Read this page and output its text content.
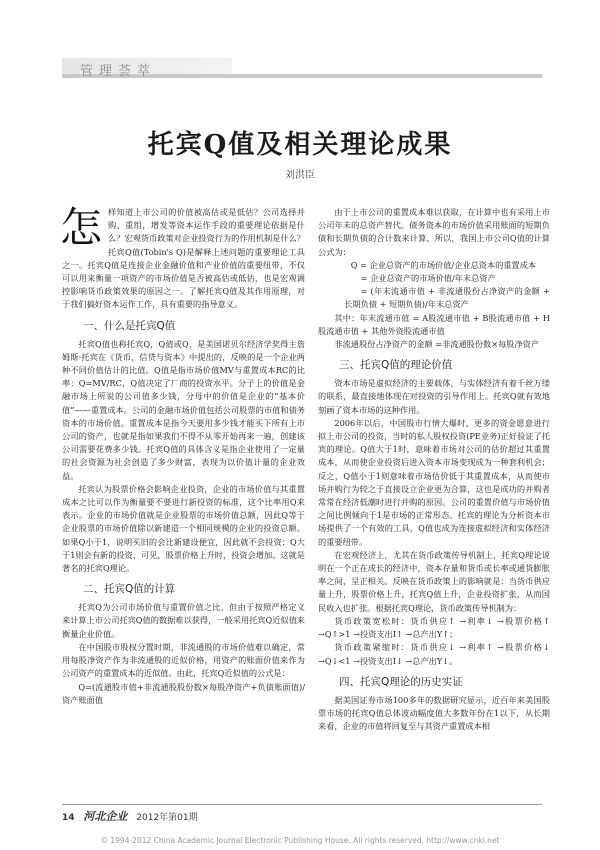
管理荟萃
托宾Q值及相关理论成果
刘洪臣
怎 样知道上市公司的价值被高估或是低估？公司选择并购、重组，增发等资本运作手段的重要理论依据是什么？宏观货币政策对企业投资行为的作用机制是什么？托宾Q值(Tobin's Q)是解释上述问题的重要理论工具之一。托宾Q值是连接企业金融价值和产业价值的重要纽带，不仅可以用来衡量一项资产的市场价值是否被高估或低估，也是宏观调控影响货币政策效果的原因之一。了解托宾Q值及其作用原理，对于我们搞好资本运作工作，具有重要的指导意义。

一、什么是托宾Q值

托宾Q值也称托宾Q，Q值或Q，是美国诺贝尔经济学奖得主詹姆斯·托宾在《货币，信贷与资本》中提出的，反映的是一个企业两种不同价值估计的比值。Q值是指市场价值MV与重置成本RC的比率：Q=MV/RC，Q值决定了厂商的投资水平。分子上的价值是金融市场上所说的公司值多少钱，分母中的价值是企业的“基本价值”——重置成本。公司的金融市场价值包括公司股票的市值和债务资本的市场价值。重置成本是指今天要用多少钱才能买下所有上市公司的资产，也就是指如果我们不得不从零开始再来一遍，创建该公司需要花费多少钱。托宾Q值的具体含义是指企业使用了一定量的社会资源为社会创造了多少财富，表现为以价值计量的企业效益。

托宾认为股票价格会影响企业投资，企业的市场价值与其重置成本之比可以作为衡量要不要进行新投资的标准，这个比率用Q来表示。企业的市场价值就是企业股票的市场价值总额，因此Q等于企业股票的市场价值除以新建造一个相同规模的企业的投资总额。如果Q小于1，说明买旧的会比新建设便宜，因此就不会投资；Q大于1则会有新的投资，可见，股票价格上升时，投资会增加。这就是著名的托宾Q理论。

二、托宾Q值的计算

托宾Q为公司市场价值与重置价值之比，但由于按照严格定义来计算上市公司托宾Q值的数据难以获得，一般采用托宾Q近似值来衡量企业价值。

在中国股市股权分置时期，非流通股的市场价值难以确定，常用每股净资产作为非流通股的近似价格，用资产的账面价值来作为公司资产的重置成本的近似值。由此，托宾Q近似值的公式是：

Q=(流通股市值+非流通股股份数×每股净资产+负债账面值)/资产账面值

由于上市公司的重置成本难以获取，在计算中也有采用上市公司年末的总资产替代。债务资本的市场价值采用账面的短期负债和长期负债的合计数来计算，所以，我国上市公司Q值的计算公式为：

Q = 企业总资产的市场价值/企业总资本的重置成本

= 企业总资产的市场价值/年末总资产

= (年末流通市值 + 非流通股份占净资产的金额 + 长期负债 + 短期负债)/年末总资产

其中：年末流通市值 = A股流通市值 + B股流通市值 + H股流通市值 + 其他外资股流通市值

非流通股份占净资产的金额 =非流通股份数×每股净资产

三、托宾Q值的理论价值

资本市场是虚拟经济的主要载体，与实体经济有着千丝万缕的联系，最直接地体现在对投资的引导作用上。托宾Q就有效地刻画了资本市场的这种作用。

2006年以后，中国股市行情大爆时，更多的资金愿意进行拟上市公司的投资，当时的私人股权投资(PE业务)正好验证了托宾的理论。Q值大于1时，意味着市场对公司的估价超过其重置成本，从而使企业投资后进入资本市场变现成为一种套利机会；反之，Q值小于1则意味着市场估价低于其重置成本，从而使市场并购行为较之于直接设立企业更为合算，这也是成功的并购者常常在经济低潮时进行并购的原因。公司的重置价值与市场价值之间比例倾向于1是市场的正常形态。托宾的理论为分析资本市场提供了一个有效的工具，Q值也成为连接虚拟经济和实体经济的重要纽带。

在宏观经济上，尤其在货币政策传导机制上，托宾Q理论说明在一个正在成长的经济中，资本存量和货币或长率或通货膨胀率之间，呈正相关。反映在货币政策上的影响就是：当货币供应量上升，股票价格上升，托宾Q值上升，企业投资扩张，从而国民收入也扩张。根据托宾Q理论，货币政策传导机制为：

货币政策宽松时：货币供应↑ →利率↓ →股票价格↑ →Q↑>1 →投资支出I↑ →总产出Y↑；

货币政策紧缩时：货币供应↓ →利率↑ →股票价格↓ →Q↓<1 →投资支出I↓ →总产出Y↓。

四、托宾Q理论的历史实证

据美国证券市场100多年的数据研究显示，近百年来美国股票市场的托宾Q值总体波动幅度值大多数年份在1以下，从长期来看，企业的市值将回复至与其资产重置成本相

14 河北企业 2012年第01期
© 1994-2012 China Academic Journal Electronic Publishing House. All rights reserved. http://www.cnki.net
